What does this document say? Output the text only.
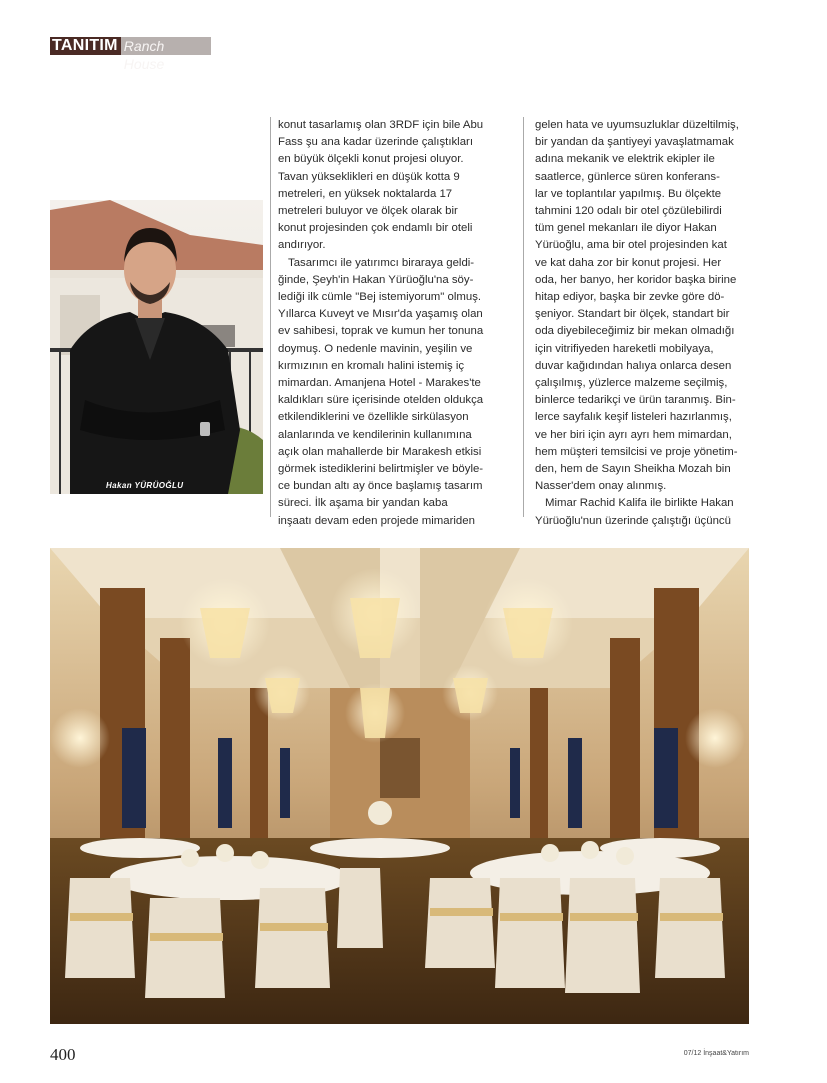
TANITIM Ranch House
Hakan YÜRÜOĞLU

konut tasarlamış olan 3RDF için bile Abu
Fass şu ana kadar üzerinde çalıştıkları
en büyük ölçekli konut projesi oluyor.
Tavan yükseklikleri en düşük kotta 9
metreleri, en yüksek noktalarda 17
metreleri buluyor ve ölçek olarak bir
konut projesinden çok endamlı bir oteli
andırıyor.

Tasarımcı ile yatırımcı biraraya geldi-
ğinde, Şeyh'in Hakan Yürüoğlu'na söy-
lediği ilk cümle "Bej istemiyorum" olmuş.
Yıllarca Kuveyt ve Mısır'da yaşamış olan
ev sahibesi, toprak ve kumun her tonuna
doymuş. O nedenle mavinin, yeşilin ve
kırmızının en kromalı halini istemiş iç
mimardan. Amanjena Hotel - Marakes'te
kaldıkları süre içerisinde otelden oldukça
etkilendiklerini ve özellikle sirkülasyon
alanlarında ve kendilerinin kullanımına
açık olan mahallerde bir Marakesh etkisi
görmek istediklerini belirtmişler ve böyle-
ce bundan altı ay önce başlamış tasarım
süreci. İlk aşama bir yandan kaba
inşaatı devam eden projede mimariden

gelen hata ve uyumsuzluklar düzeltilmiş,
bir yandan da şantiyeyi yavaşlatmamak
adına mekanik ve elektrik ekipler ile
saatlerce, günlerce süren konferans-
lar ve toplantılar yapılmış. Bu ölçekte
tahmini 120 odalı bir otel çözülebilirdi
tüm genel mekanları ile diyor Hakan
Yürüoğlu, ama bir otel projesinden kat
ve kat daha zor bir konut projesi. Her
oda, her banyo, her koridor başka birine
hitap ediyor, başka bir zevke göre dö-
şeniyor. Standart bir ölçek, standart bir
oda diyebileceğimiz bir mekan olmadığı
için vitrifiyeden hareketli mobilyaya,
duvar kağıdından halıya onlarca desen
çalışılmış, yüzlerce malzeme seçilmiş,
binlerce tedarikçi ve ürün taranmış. Bin-
lerce sayfalık keşif listeleri hazırlanmış,
ve her biri için ayrı ayrı hem mimardan,
hem müşteri temsilcisi ve proje yönetim-
den, hem de Sayın Sheikha Mozah bin
Nasser'dem onay alınmış.

Mimar Rachid Kalifa ile birlikte Hakan
Yürüoğlu'nun üzerinde çalıştığı üçüncü

400	07/12 İnşaat&Yatırım
